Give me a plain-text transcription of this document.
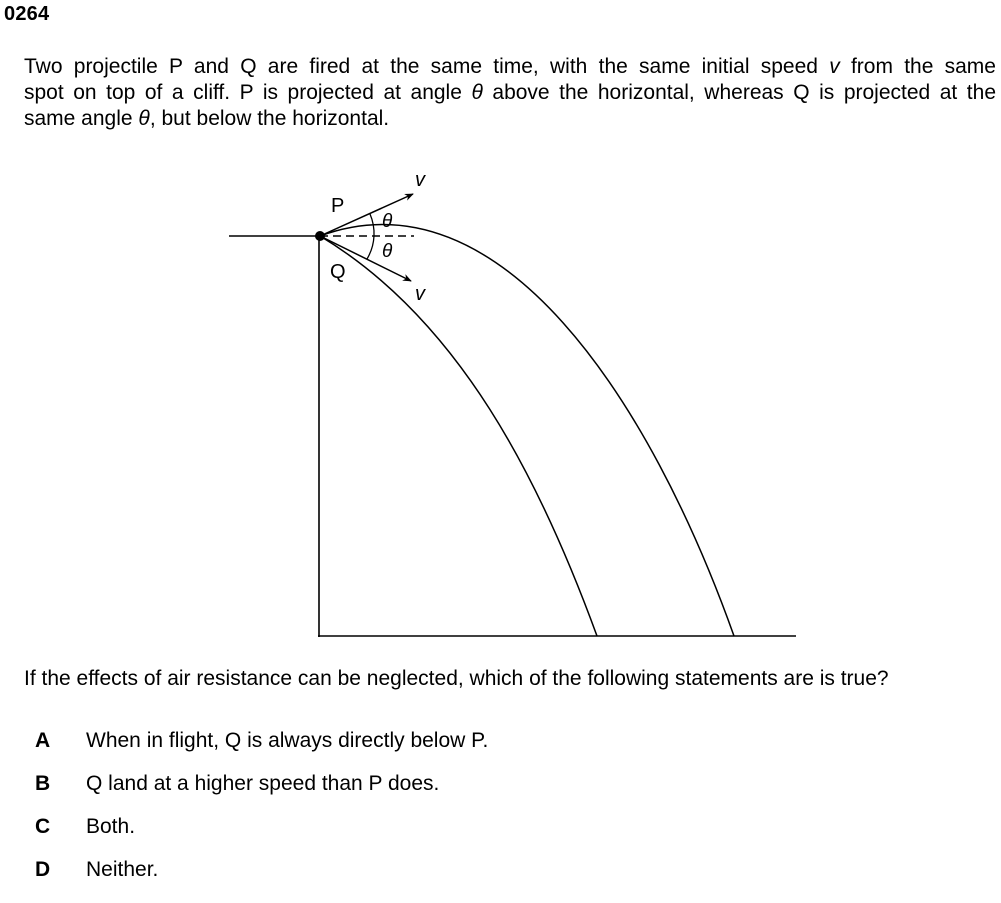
0264
Two projectile P and Q are fired at the same time, with the same initial speed v from the same
spot on top of a cliff. P is projected at angle θ above the horizontal, whereas Q is projected at the
same angle θ, but below the horizontal.
P
Q
v
v
θ
θ
If the effects of air resistance can be neglected, which of the following statements are is true?
A	When in flight, Q is always directly below P.
B	Q land at a higher speed than P does.
C	Both.
D	Neither.
